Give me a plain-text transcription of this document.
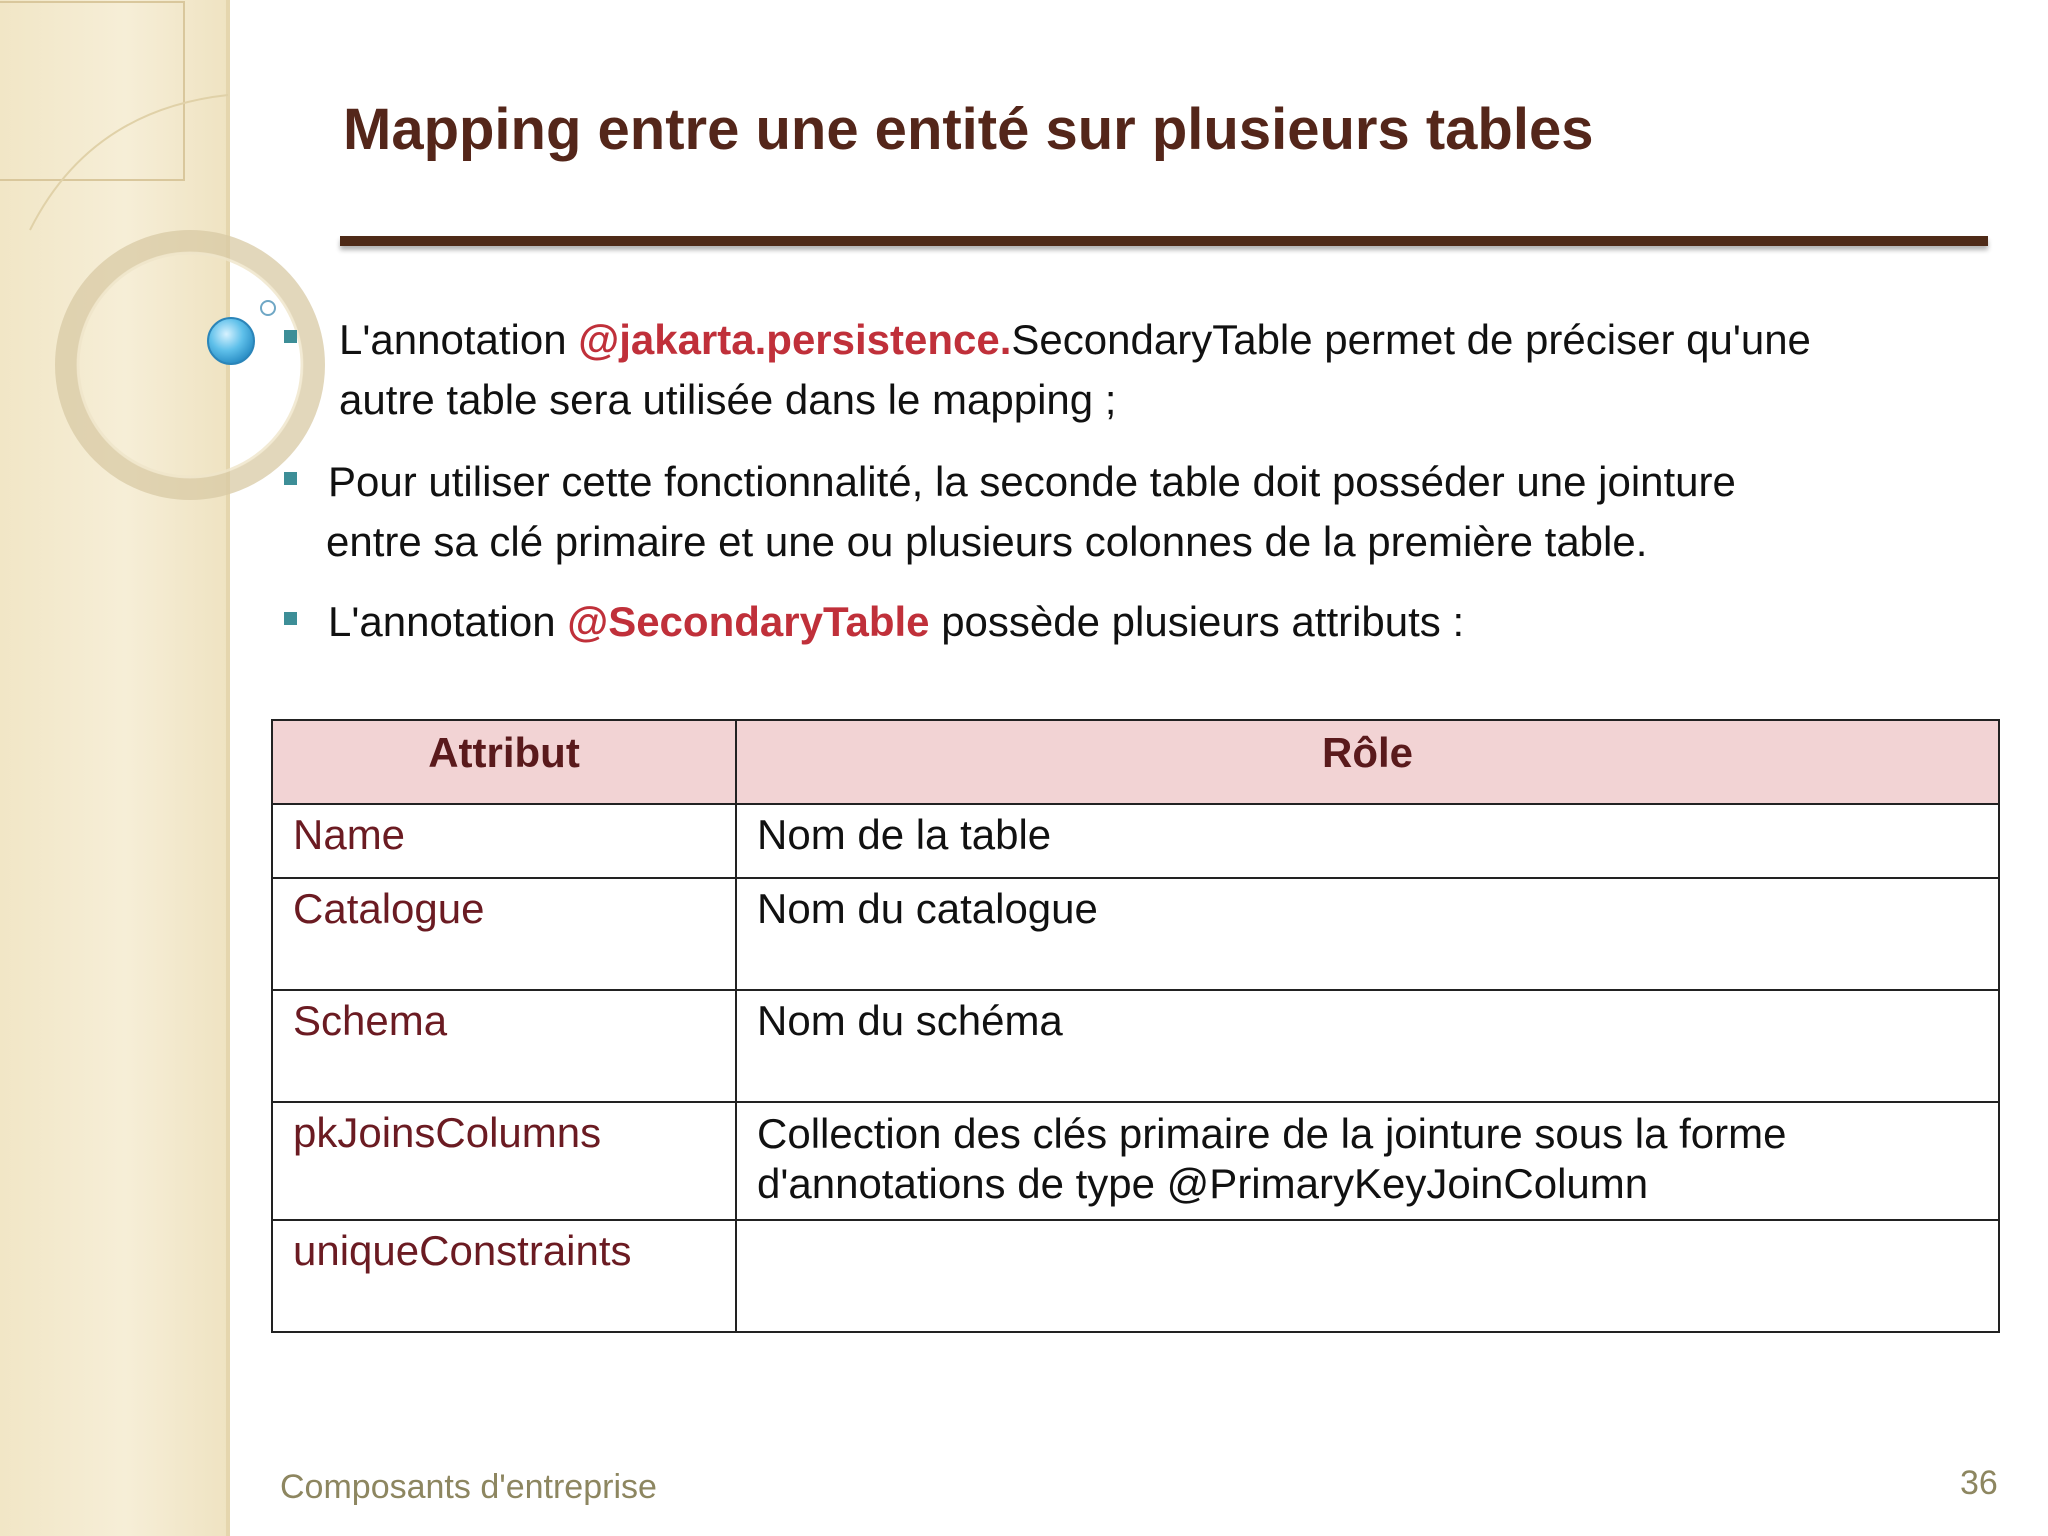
Mapping entre une entité sur plusieurs tables
L'annotation @jakarta.persistence.SecondaryTable permet de préciser qu'une
autre table sera utilisée dans le mapping ;
Pour utiliser cette fonctionnalité, la seconde table doit posséder une jointure
entre sa clé primaire et une ou plusieurs colonnes de la première table.
L'annotation @SecondaryTable possède plusieurs attributs :
Attribut	Rôle
Name	Nom de la table
Catalogue	Nom du catalogue
Schema	Nom du schéma
pkJoinsColumns	Collection des clés primaire de la jointure sous la forme
d'annotations de type @PrimaryKeyJoinColumn

uniqueConstraints	
Composants d'entreprise	36
